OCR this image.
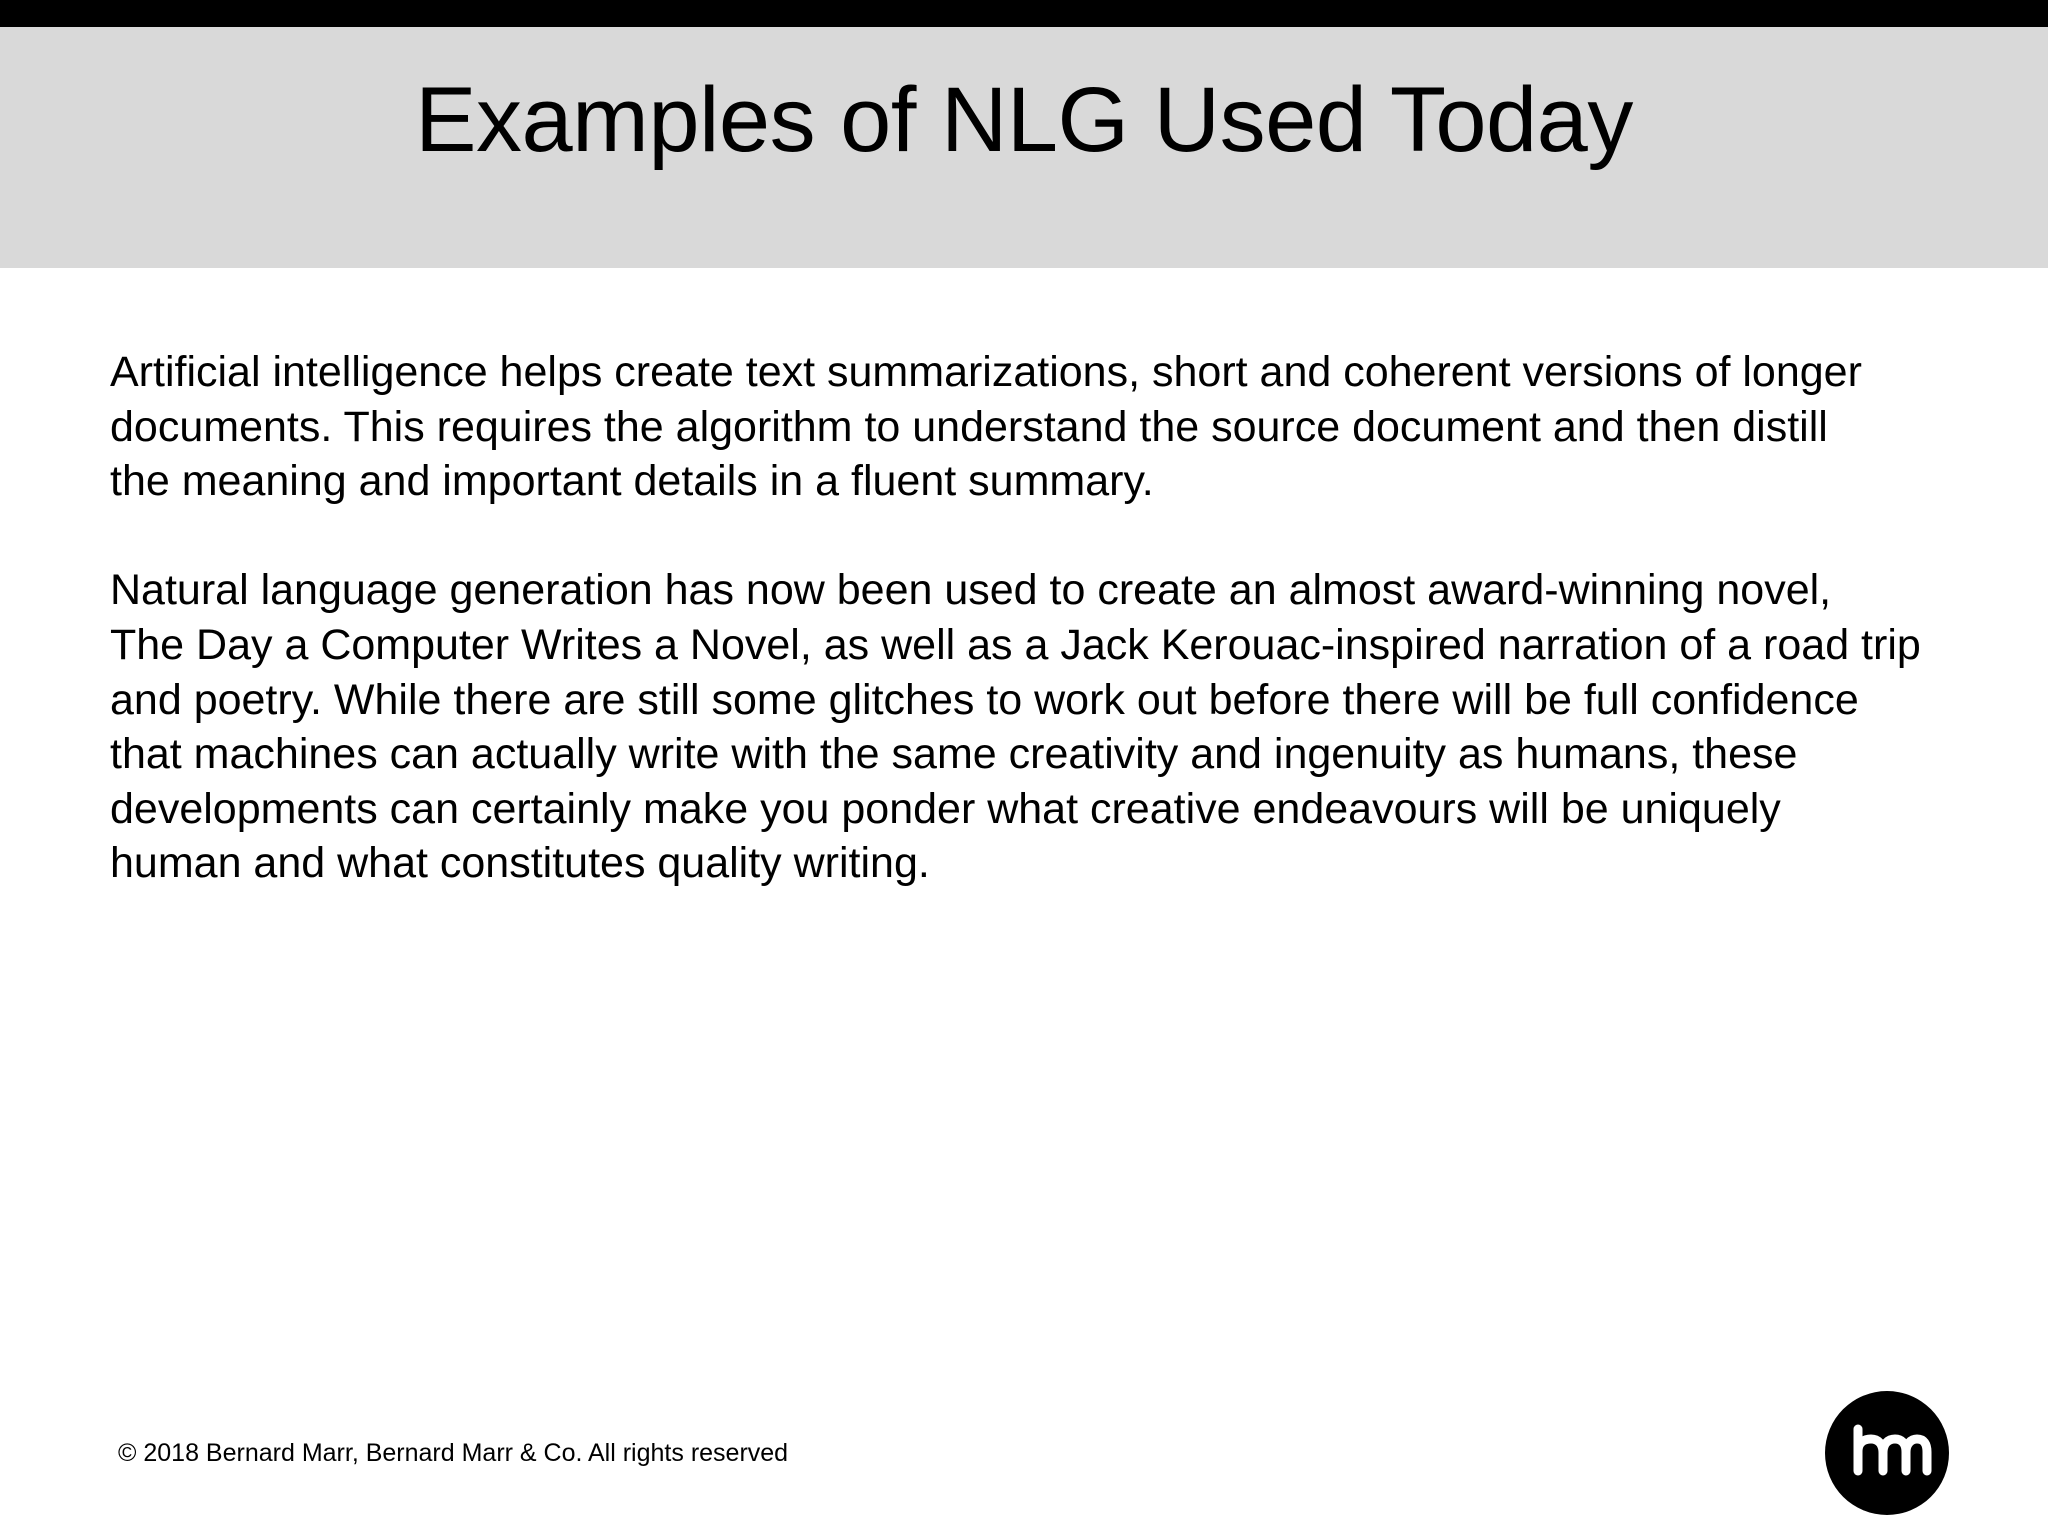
Examples of NLG Used Today

Artificial intelligence helps create text summarizations, short and coherent versions of longer
documents. This requires the algorithm to understand the source document and then distill
the meaning and important details in a fluent summary.

Natural language generation has now been used to create an almost award-winning novel,
The Day a Computer Writes a Novel, as well as a Jack Kerouac-inspired narration of a road trip
and poetry. While there are still some glitches to work out before there will be full confidence
that machines can actually write with the same creativity and ingenuity as humans, these
developments can certainly make you ponder what creative endeavours will be uniquely
human and what constitutes quality writing.

© 2018 Bernard Marr, Bernard Marr & Co. All rights reserved
